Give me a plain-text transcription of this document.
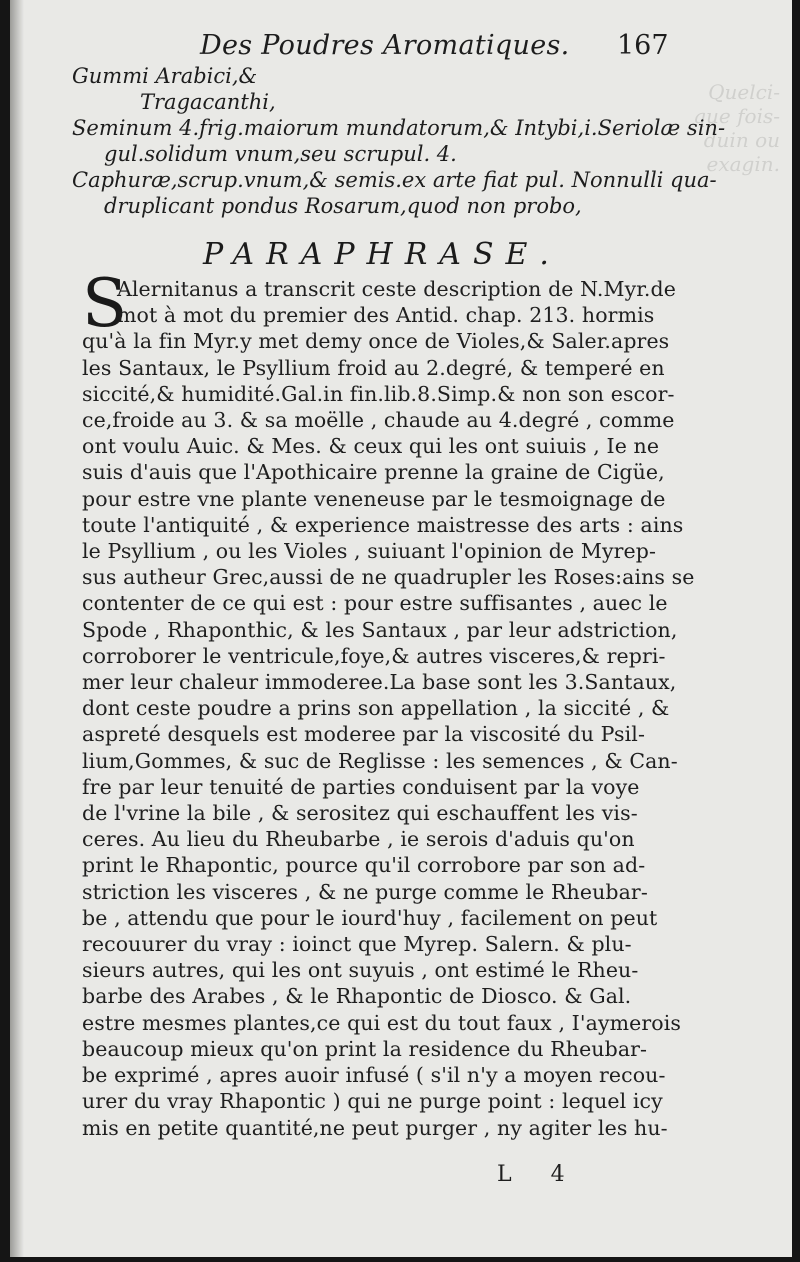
Quelci-
que fois-
duin ou
exagin.
Des Poudres Aromatiques. 167

Gummi Arabici,&

Tragacanthi,

Seminum 4.frig.maiorum mundatorum,& Intybi,i.Seriolæ sin-

gul.solidum vnum,seu scrupul. 4.

Caphuræ,scrup.vnum,& semis.ex arte fiat pul. Nonnulli qua-

druplicant pondus Rosarum,quod non probo,

PARAPHRASE.
S

Alernitanus a transcrit ceste description de N.Myr.de

mot à mot du premier des Antid. chap. 213. hormis

qu'à la fin Myr.y met demy once de Violes,& Saler.apres

les Santaux, le Psyllium froid au 2.degré, & temperé en

siccité,& humidité.Gal.in fin.lib.8.Simp.& non son escor-

ce,froide au 3. & sa moëlle , chaude au 4.degré , comme

ont voulu Auic. & Mes. & ceux qui les ont suiuis , Ie ne

suis d'auis que l'Apothicaire prenne la graine de Cigüe,

pour estre vne plante veneneuse par le tesmoignage de

toute l'antiquité , & experience maistresse des arts : ains

le Psyllium , ou les Violes , suiuant l'opinion de Myrep-

sus autheur Grec,aussi de ne quadrupler les Roses:ains se

contenter de ce qui est : pour estre suffisantes , auec le

Spode , Rhaponthic, & les Santaux , par leur adstriction,

corroborer le ventricule,foye,& autres visceres,& repri-

mer leur chaleur immoderee.La base sont les 3.Santaux,

dont ceste poudre a prins son appellation , la siccité , &

aspreté desquels est moderee par la viscosité du Psil-

lium,Gommes, & suc de Reglisse : les semences , & Can-

fre par leur tenuité de parties conduisent par la voye

de l'vrine la bile , & serositez qui eschauffent les vis-

ceres. Au lieu du Rheubarbe , ie serois d'aduis qu'on

print le Rhapontic, pource qu'il corrobore par son ad-

striction les visceres , & ne purge comme le Rheubar-

be , attendu que pour le iourd'huy , facilement on peut

recouurer du vray : ioinct que Myrep. Salern. & plu-

sieurs autres, qui les ont suyuis , ont estimé le Rheu-

barbe des Arabes , & le Rhapontic de Diosco. & Gal.

estre mesmes plantes,ce qui est du tout faux , I'aymerois

beaucoup mieux qu'on print la residence du Rheubar-

be exprimé , apres auoir infusé ( s'il n'y a moyen recou-

urer du vray Rhapontic ) qui ne purge point : lequel icy

mis en petite quantité,ne peut purger , ny agiter les hu-

L 4
